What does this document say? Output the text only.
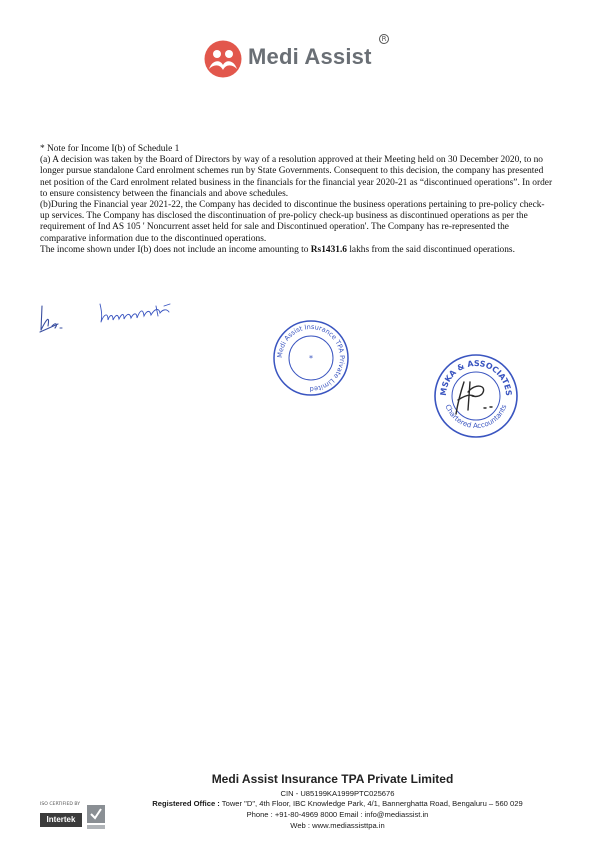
Medi Assist
R

* Note for Income I(b) of Schedule 1

(a) A decision was taken by the Board of Directors by way of a resolution approved at their Meeting held on 30 December 2020, to no longer pursue standalone Card enrolment schemes run by State Governments. Consequent to this decision, the company has presented net position of the Card enrolment related business in the financials for the financial year 2020-21 as “discontinued operations”. In order to ensure consistency between the financials and above schedules.

(b)During the Financial year 2021-22, the Company has decided to discontinue the business operations pertaining to pre-policy check-up services. The Company has disclosed the discontinuation of pre-policy check-up business as discontinued operations as per the requirement of Ind AS 105 ' Noncurrent asset held for sale and Discontinued operation'. The Company has re-represented the comparative information due to the discontinued operations.

The income shown under I(b) does not include an income amounting to Rs1431.6 lakhs from the said discontinued operations.

Medi Assist Insurance TPA Private Limited
*
MSKA & ASSOCIATES
Chartered Accountants
Medi Assist Insurance TPA Private Limited
CIN - U85199KA1999PTC025676
Registered Office : Tower "D", 4th Floor, IBC Knowledge Park, 4/1, Bannerghatta Road, Bengaluru – 560 029
Phone : +91-80-4969 8000 Email : info@mediassist.in
Web : www.mediassisttpa.in
ISO CERTIFIED BY
Intertek
